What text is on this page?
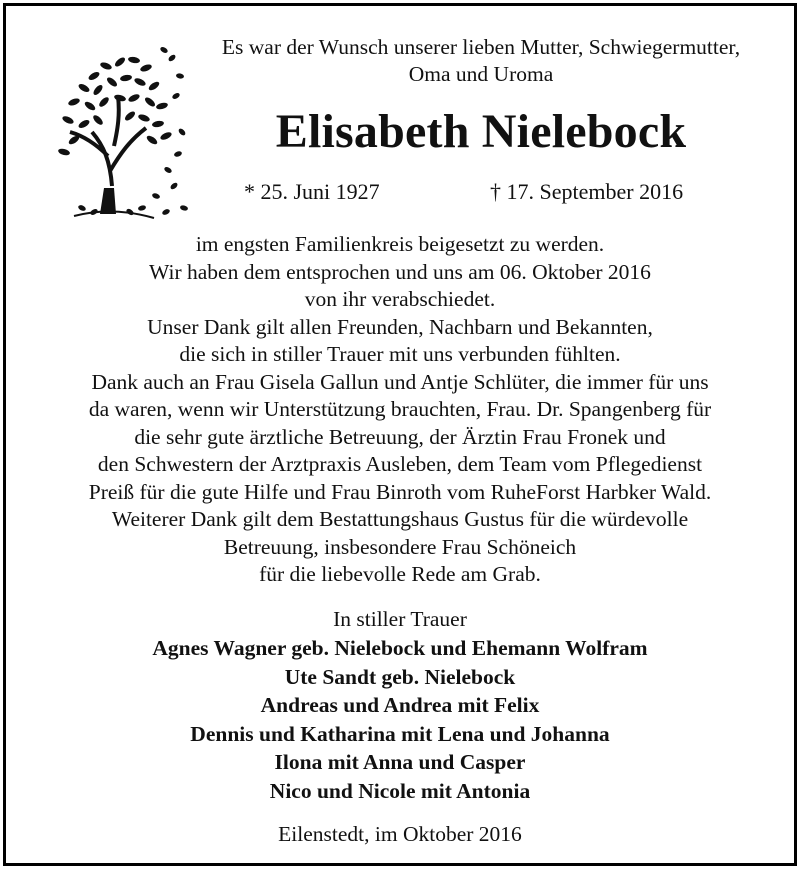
Es war der Wunsch unserer lieben Mutter, Schwiegermutter,
Oma und Uroma
Elisabeth Nielebock
* 25. Juni 1927	† 17. September 2016
im engsten Familienkreis beigesetzt zu werden.
Wir haben dem entsprochen und uns am 06. Oktober 2016
von ihr verabschiedet.
Unser Dank gilt allen Freunden, Nachbarn und Bekannten,
die sich in stiller Trauer mit uns verbunden fühlten.
Dank auch an Frau Gisela Gallun und Antje Schlüter, die immer für uns
da waren, wenn wir Unterstützung brauchten, Frau. Dr. Spangenberg für
die sehr gute ärztliche Betreuung, der Ärztin Frau Fronek und
den Schwestern der Arztpraxis Ausleben, dem Team vom Pflegedienst
Preiß für die gute Hilfe und Frau Binroth vom RuheForst Harbker Wald.
Weiterer Dank gilt dem Bestattungshaus Gustus für die würdevolle
Betreuung, insbesondere Frau Schöneich
für die liebevolle Rede am Grab.
In stiller Trauer
Agnes Wagner geb. Nielebock und Ehemann Wolfram
Ute Sandt geb. Nielebock
Andreas und Andrea mit Felix
Dennis und Katharina mit Lena und Johanna
Ilona mit Anna und Casper
Nico und Nicole mit Antonia
Eilenstedt, im Oktober 2016
